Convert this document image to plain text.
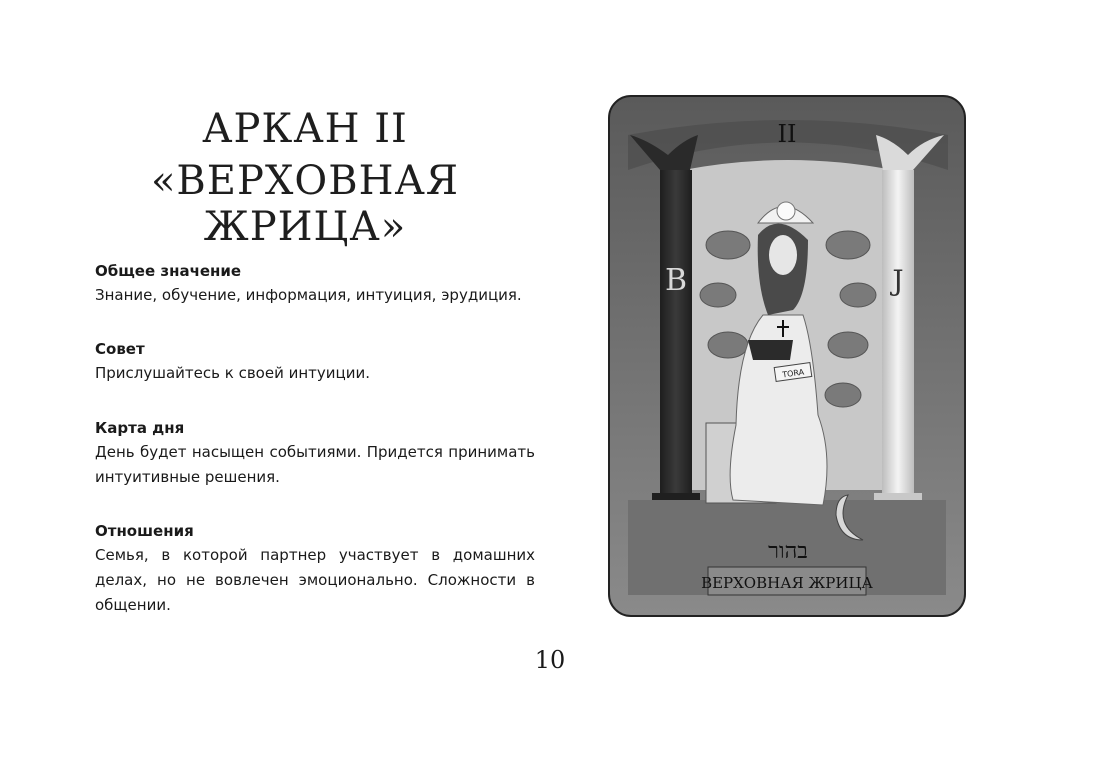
АРКАН II
«ВЕРХОВНАЯ ЖРИЦА»
Общее значение

Знание, обучение, информация, интуиция, эрудиция.

Совет

Прислушайтесь к своей интуиции.

Карта дня

День будет насыщен событиями. Придется принимать интуитивные решения.

Отношения

Семья, в которой партнер участвует в домашних делах, но не вовлечен эмоционально. Сложности в общении.

II
B	J
TORA
בהור
ВЕРХОВНАЯ ЖРИЦА
10
